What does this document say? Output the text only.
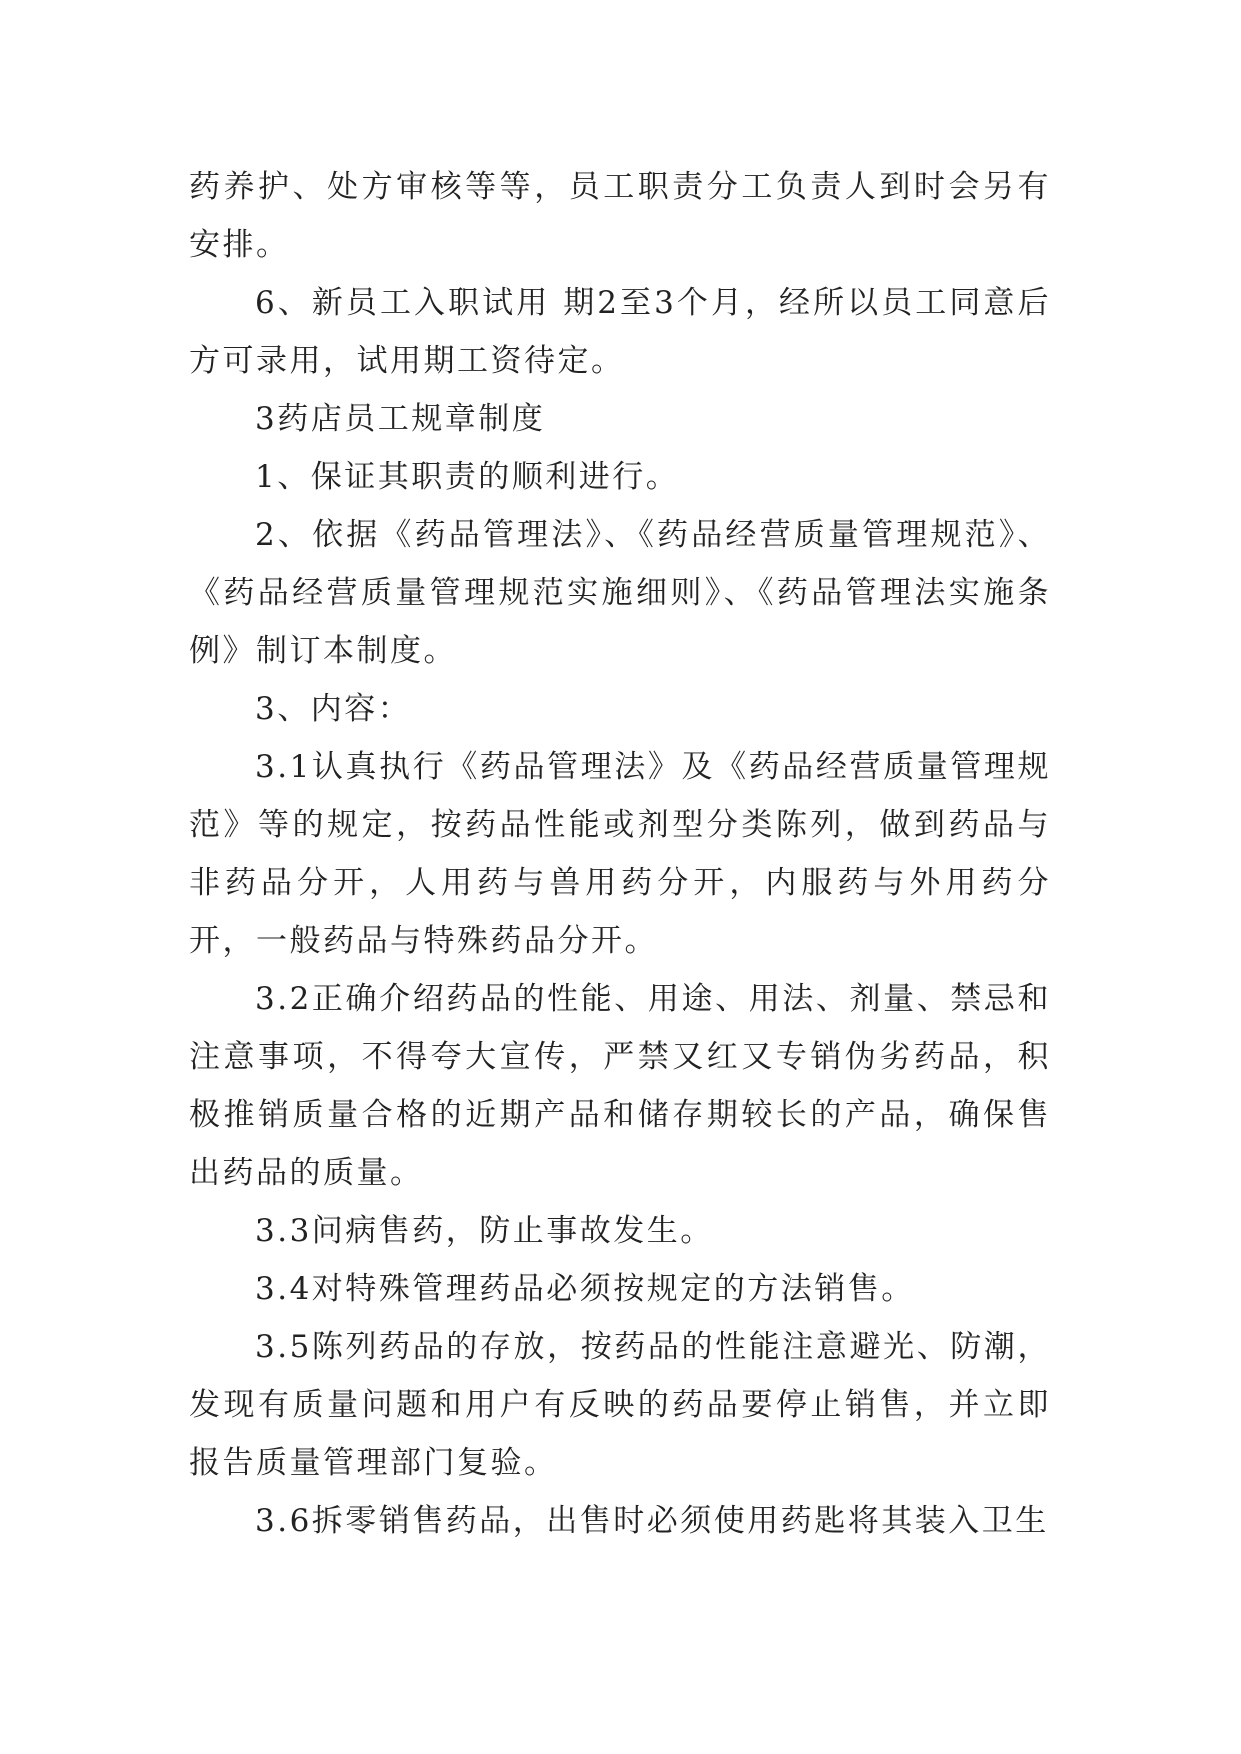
药养护、处方审核等等，员工职责分工负责人到时会另有安排。

6、新员工入职试用 期2至3个月，经所以员工同意后方可录用，试用期工资待定。

3药店员工规章制度

1、保证其职责的顺利进行。

2、依据《药品管理法》、《药品经营质量管理规范》、《药品经营质量管理规范实施细则》、《药品管理法实施条例》制订本制度。

3、内容：

3.1认真执行《药品管理法》及《药品经营质量管理规范》等的规定，按药品性能或剂型分类陈列，做到药品与非药品分开，人用药与兽用药分开，内服药与外用药分开，一般药品与特殊药品分开。

3.2正确介绍药品的性能、用途、用法、剂量、禁忌和注意事项，不得夸大宣传，严禁又红又专销伪劣药品，积极推销质量合格的近期产品和储存期较长的产品，确保售出药品的质量。

3.3问病售药，防止事故发生。

3.4对特殊管理药品必须按规定的方法销售。

3.5陈列药品的存放，按药品的性能注意避光、防潮，发现有质量问题和用户有反映的药品要停止销售，并立即报告质量管理部门复验。

3.6拆零销售药品，出售时必须使用药匙将其装入卫生
